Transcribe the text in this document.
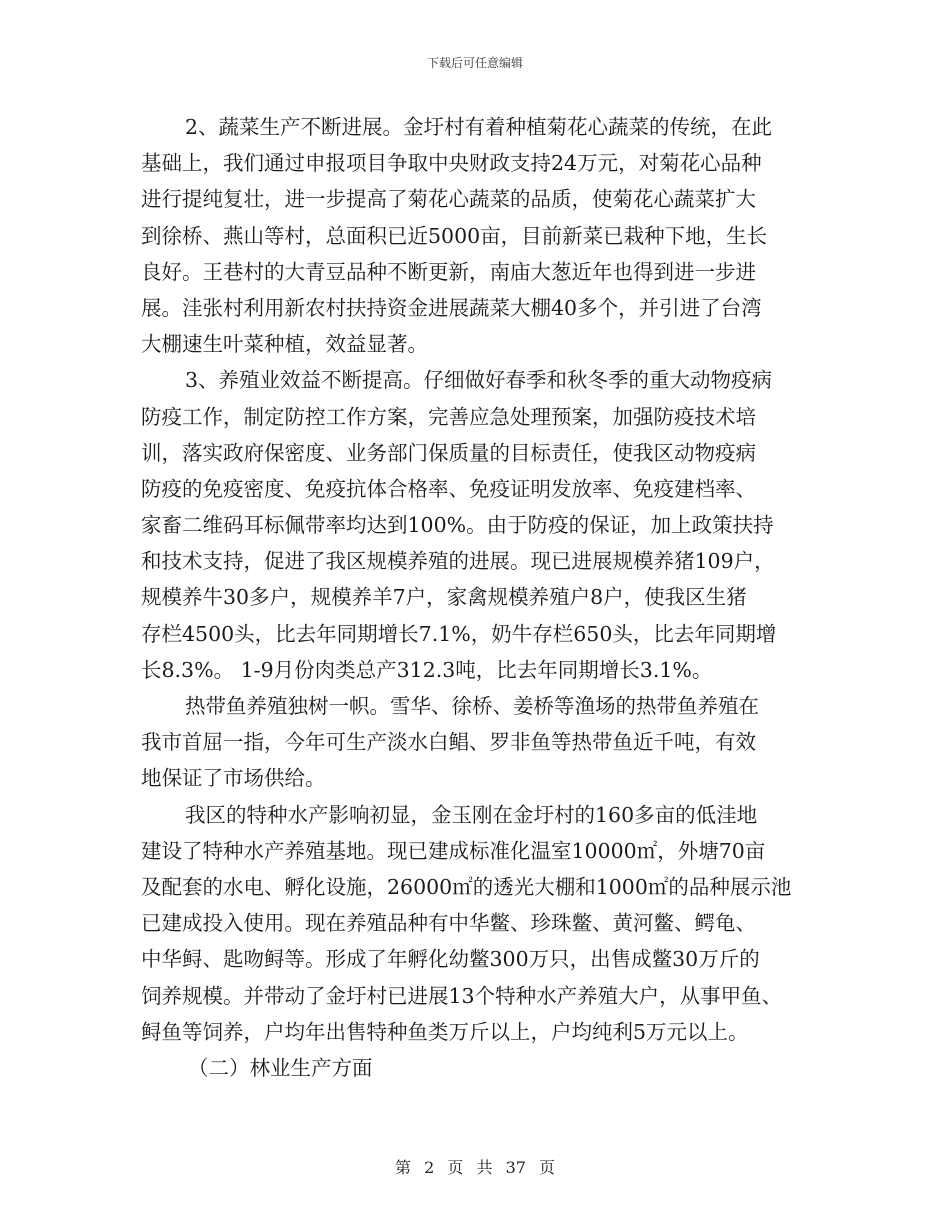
下载后可任意编辑
2、蔬菜生产不断进展。金圩村有着种植菊花心蔬菜的传统，在此
基础上，我们通过申报项目争取中央财政支持24万元，对菊花心品种
进行提纯复壮，进一步提高了菊花心蔬菜的品质，使菊花心蔬菜扩大
到徐桥、燕山等村，总面积已近5000亩，目前新菜已栽种下地，生长
良好。王巷村的大青豆品种不断更新，南庙大葱近年也得到进一步进
展。洼张村利用新农村扶持资金进展蔬菜大棚40多个，并引进了台湾
大棚速生叶菜种植，效益显著。
3、养殖业效益不断提高。仔细做好春季和秋冬季的重大动物疫病
防疫工作，制定防控工作方案，完善应急处理预案，加强防疫技术培
训，落实政府保密度、业务部门保质量的目标责任，使我区动物疫病
防疫的免疫密度、免疫抗体合格率、免疫证明发放率、免疫建档率、
家畜二维码耳标佩带率均达到100%。由于防疫的保证，加上政策扶持
和技术支持，促进了我区规模养殖的进展。现已进展规模养猪109户，
规模养牛30多户，规模养羊7户，家禽规模养殖户8户，使我区生猪
存栏4500头，比去年同期增长7.1%，奶牛存栏650头，比去年同期增
长8.3%。 1-9月份肉类总产312.3吨，比去年同期增长3.1%。
热带鱼养殖独树一帜。雪华、徐桥、姜桥等渔场的热带鱼养殖在
我市首屈一指，今年可生产淡水白鲳、罗非鱼等热带鱼近千吨，有效
地保证了市场供给。
我区的特种水产影响初显，金玉刚在金圩村的160多亩的低洼地
建设了特种水产养殖基地。现已建成标准化温室10000㎡，外塘70亩
及配套的水电、孵化设施，26000㎡的透光大棚和1000㎡的品种展示池
已建成投入使用。现在养殖品种有中华鳖、珍珠鳖、黄河鳖、鳄龟、
中华鲟、匙吻鲟等。形成了年孵化幼鳖300万只，出售成鳖30万斤的
饲养规模。并带动了金圩村已进展13个特种水产养殖大户，从事甲鱼、
鲟鱼等饲养，户均年出售特种鱼类万斤以上，户均纯利5万元以上。
（二）林业生产方面
第 2 页 共 37 页
